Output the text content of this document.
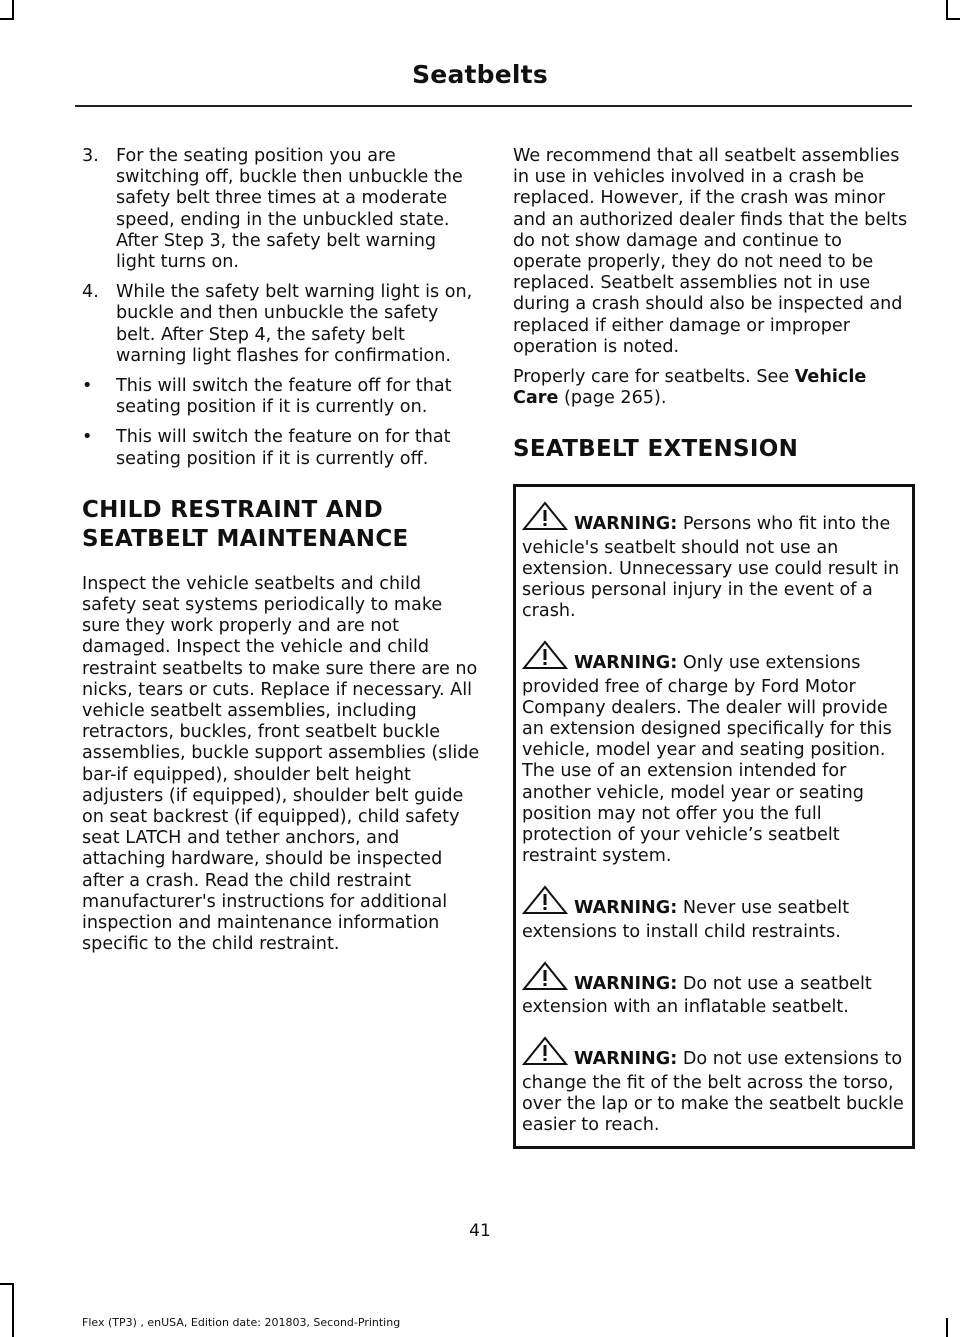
Seatbelts
3. For the seating position you are switching off, buckle then unbuckle the safety belt three times at a moderate speed, ending in the unbuckled state. After Step 3, the safety belt warning light turns on.
4. While the safety belt warning light is on, buckle and then unbuckle the safety belt. After Step 4, the safety belt warning light flashes for confirmation.
• This will switch the feature off for that seating position if it is currently on.
• This will switch the feature on for that seating position if it is currently off.
CHILD RESTRAINT AND
SEATBELT MAINTENANCE

Inspect the vehicle seatbelts and child safety seat systems periodically to make sure they work properly and are not damaged. Inspect the vehicle and child restraint seatbelts to make sure there are no nicks, tears or cuts. Replace if necessary. All vehicle seatbelt assemblies, including retractors, buckles, front seatbelt buckle assemblies, buckle support assemblies (slide bar-if equipped), shoulder belt height adjusters (if equipped), shoulder belt guide on seat backrest (if equipped), child safety seat LATCH and tether anchors, and attaching hardware, should be inspected after a crash. Read the child restraint manufacturer's instructions for additional inspection and maintenance information specific to the child restraint.

We recommend that all seatbelt assemblies in use in vehicles involved in a crash be replaced. However, if the crash was minor and an authorized dealer finds that the belts do not show damage and continue to operate properly, they do not need to be replaced. Seatbelt assemblies not in use during a crash should also be inspected and replaced if either damage or improper operation is noted.

Properly care for seatbelts. See Vehicle Care (page 265).

SEATBELT EXTENSION
WARNING: Persons who fit into the vehicle's seatbelt should not use an extension. Unnecessary use could result in serious personal injury in the event of a crash.
WARNING: Only use extensions provided free of charge by Ford Motor Company dealers. The dealer will provide an extension designed specifically for this vehicle, model year and seating position. The use of an extension intended for another vehicle, model year or seating position may not offer you the full protection of your vehicle’s seatbelt restraint system.
WARNING: Never use seatbelt extensions to install child restraints.
WARNING: Do not use a seatbelt extension with an inflatable seatbelt.
WARNING: Do not use extensions to change the fit of the belt across the torso, over the lap or to make the seatbelt buckle easier to reach.
41
Flex (TP3) , enUSA, Edition date: 201803, Second-Printing
